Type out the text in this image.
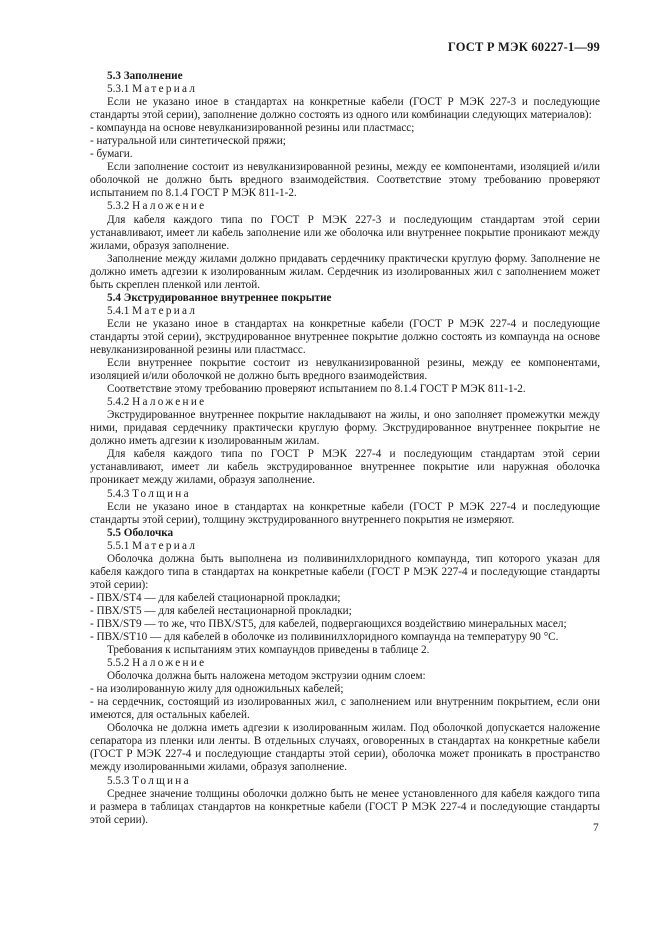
ГОСТ Р МЭК 60227-1—99

5.3 Заполнение

5.3.1 Материал

Если не указано иное в стандартах на конкретные кабели (ГОСТ Р МЭК 227-3 и последующие стандарты этой серии), заполнение должно состоять из одного или комбинации следующих материалов):

- компаунда на основе невулканизированной резины или пластмасс;

- натуральной или синтетической пряжи;

- бумаги.

Если заполнение состоит из невулканизированной резины, между ее компонентами, изоляцией и/или оболочкой не должно быть вредного взаимодействия. Соответствие этому требованию проверяют испытанием по 8.1.4 ГОСТ Р МЭК 811-1-2.

5.3.2 Наложение

Для кабеля каждого типа по ГОСТ Р МЭК 227-3 и последующим стандартам этой серии устанавливают, имеет ли кабель заполнение или же оболочка или внутреннее покрытие проникают между жилами, образуя заполнение.

Заполнение между жилами должно придавать сердечнику практически круглую форму. Заполнение не должно иметь адгезии к изолированным жилам. Сердечник из изолированных жил с заполнением может быть скреплен пленкой или лентой.

5.4 Экструдированное внутреннее покрытие

5.4.1 Материал

Если не указано иное в стандартах на конкретные кабели (ГОСТ Р МЭК 227-4 и последующие стандарты этой серии), экструдированное внутреннее покрытие должно состоять из компаунда на основе невулканизированной резины или пластмасс.

Если внутреннее покрытие состоит из невулканизированной резины, между ее компонентами, изоляцией и/или оболочкой не должно быть вредного взаимодействия.

Соответствие этому требованию проверяют испытанием по 8.1.4 ГОСТ Р МЭК 811-1-2.

5.4.2 Наложение

Экструдированное внутреннее покрытие накладывают на жилы, и оно заполняет промежутки между ними, придавая сердечнику практически круглую форму. Экструдированное внутреннее покрытие не должно иметь адгезии к изолированным жилам.

Для кабеля каждого типа по ГОСТ Р МЭК 227-4 и последующим стандартам этой серии устанавливают, имеет ли кабель экструдированное внутреннее покрытие или наружная оболочка проникает между жилами, образуя заполнение.

5.4.3 Толщина

Если не указано иное в стандартах на конкретные кабели (ГОСТ Р МЭК 227-4 и последующие стандарты этой серии), толщину экструдированного внутреннего покрытия не измеряют.

5.5 Оболочка

5.5.1 Материал

Оболочка должна быть выполнена из поливинилхлоридного компаунда, тип которого указан для кабеля каждого типа в стандартах на конкретные кабели (ГОСТ Р МЭК 227-4 и последующие стандарты этой серии):

- ПВХ/ST4 — для кабелей стационарной прокладки;

- ПВХ/ST5 — для кабелей нестационарной прокладки;

- ПВХ/ST9 — то же, что ПВХ/ST5, для кабелей, подвергающихся воздействию минеральных масел;

- ПВХ/ST10 — для кабелей в оболочке из поливинилхлоридного компаунда на температуру 90 °С.

Требования к испытаниям этих компаундов приведены в таблице 2.

5.5.2 Наложение

Оболочка должна быть наложена методом экструзии одним слоем:

- на изолированную жилу для одножильных кабелей;

- на сердечник, состоящий из изолированных жил, с заполнением или внутренним покрытием, если они имеются, для остальных кабелей.

Оболочка не должна иметь адгезии к изолированным жилам. Под оболочкой допускается наложение сепаратора из пленки или ленты. В отдельных случаях, оговоренных в стандартах на конкретные кабели (ГОСТ Р МЭК 227-4 и последующие стандарты этой серии), оболочка может проникать в пространство между изолированными жилами, образуя заполнение.

5.5.3 Толщина

Среднее значение толщины оболочки должно быть не менее установленного для кабеля каждого типа и размера в таблицах стандартов на конкретные кабели (ГОСТ Р МЭК 227-4 и последующие стандарты этой серии).

7
